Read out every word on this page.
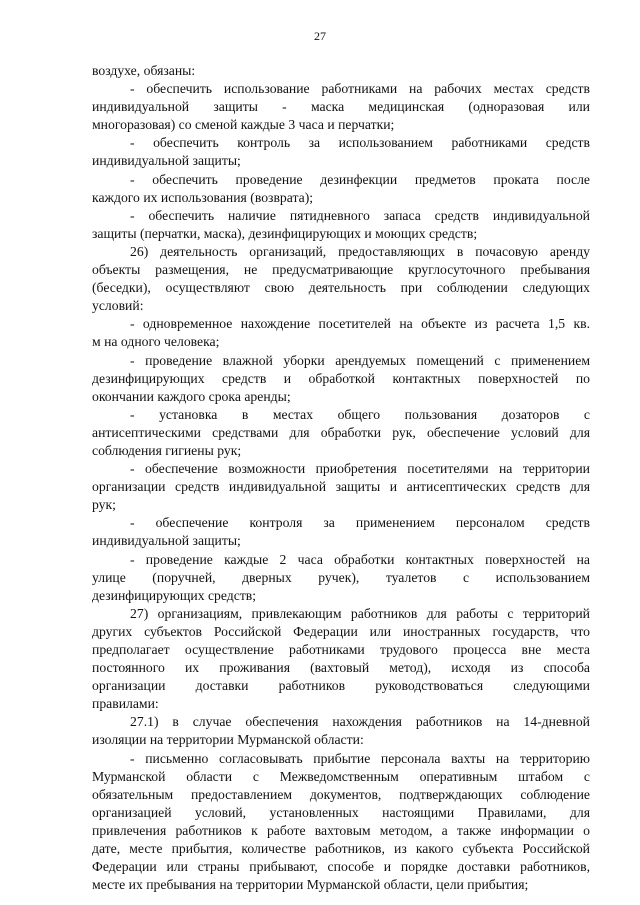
27
воздухе, обязаны:
- обеспечить использование работниками на рабочих местах средств
индивидуальной защиты - маска медицинская (одноразовая или
многоразовая) со сменой каждые 3 часа и перчатки;
- обеспечить контроль за использованием работниками средств
индивидуальной защиты;
- обеспечить проведение дезинфекции предметов проката после
каждого их использования (возврата);
- обеспечить наличие пятидневного запаса средств индивидуальной
защиты (перчатки, маска), дезинфицирующих и моющих средств;
26) деятельность организаций, предоставляющих в почасовую аренду
объекты размещения, не предусматривающие круглосуточного пребывания
(беседки), осуществляют свою деятельность при соблюдении следующих
условий:
- одновременное нахождение посетителей на объекте из расчета 1,5 кв.
м на одного человека;
- проведение влажной уборки арендуемых помещений с применением
дезинфицирующих средств и обработкой контактных поверхностей по
окончании каждого срока аренды;
- установка в местах общего пользования дозаторов с
антисептическими средствами для обработки рук, обеспечение условий для
соблюдения гигиены рук;
- обеспечение возможности приобретения посетителями на территории
организации средств индивидуальной защиты и антисептических средств для
рук;
- обеспечение контроля за применением персоналом средств
индивидуальной защиты;
- проведение каждые 2 часа обработки контактных поверхностей на
улице (поручней, дверных ручек), туалетов с использованием
дезинфицирующих средств;
27) организациям, привлекающим работников для работы с территорий
других субъектов Российской Федерации или иностранных государств, что
предполагает осуществление работниками трудового процесса вне места
постоянного их проживания (вахтовый метод), исходя из способа
организации доставки работников руководствоваться следующими
правилами:
27.1) в случае обеспечения нахождения работников на 14-дневной
изоляции на территории Мурманской области:
- письменно согласовывать прибытие персонала вахты на территорию
Мурманской области с Межведомственным оперативным штабом с
обязательным предоставлением документов, подтверждающих соблюдение
организацией условий, установленных настоящими Правилами, для
привлечения работников к работе вахтовым методом, а также информации о
дате, месте прибытия, количестве работников, из какого субъекта Российской
Федерации или страны прибывают, способе и порядке доставки работников,
месте их пребывания на территории Мурманской области, цели прибытия;
